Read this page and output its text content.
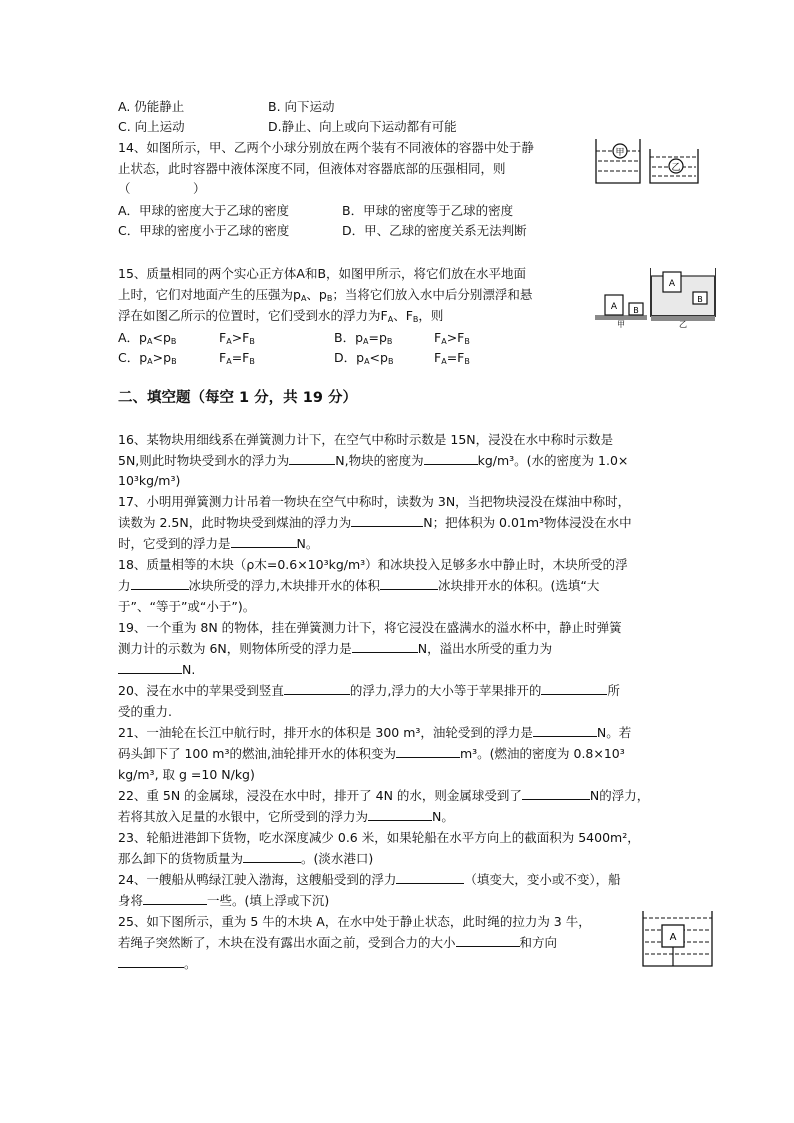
A. 仍能静止	B. 向下运动
C. 向上运动	D.静止、向上或向下运动都有可能
14、如图所示，甲、乙两个小球分别放在两个装有不同液体的容器中处于静
止状态，此时容器中液体深度不同，但液体对容器底部的压强相同，则
（　　　　　）
A．甲球的密度大于乙球的密度	B．甲球的密度等于乙球的密度
C．甲球的密度小于乙球的密度	D．甲、乙球的密度关系无法判断
甲
乙
15、质量相同的两个实心正方体A和B，如图甲所示，将它们放在水平地面
上时，它们对地面产生的压强为$p_A$、$p_B$；当将它们放入水中后分别漂浮和悬
浮在如图乙所示的位置时，它们受到水的浮力为$F_A$、$F_B$，则
A．$p_A<p_B$	$F_A>F_B$	B．$p_A=p_B$	$F_A>F_B$
C．$p_A>p_B$	$F_A=F_B$	D．$p_A<p_B$	$F_A=F_B$
A B
甲
A
B
乙
二、填空题（每空 1 分，共 19 分）
16、某物块用细线系在弹簧测力计下，在空气中称时示数是 15N，浸没在水中称时示数是
5N,则此时物块受到水的浮力为	N,物块的密度为	kg/m³。(水的密度为 1.0×
10³kg/m³)
17、小明用弹簧测力计吊着一物块在空气中称时，读数为 3N，当把物块浸没在煤油中称时，
读数为 2.5N，此时物块受到煤油的浮力为	N；把体积为 0.01m³物体浸没在水中
时，它受到的浮力是	N。
18、质量相等的木块（ρ木=0.6×10³kg/m³）和冰块投入足够多水中静止时，木块所受的浮
力	冰块所受的浮力,木块排开水的体积	冰块排开水的体积。(选填“大
于”、“等于”或“小于”)。
19、一个重为 8N 的物体，挂在弹簧测力计下，将它浸没在盛满水的溢水杯中，静止时弹簧
测力计的示数为 6N，则物体所受的浮力是	N，溢出水所受的重力为
N.
20、浸在水中的苹果受到竖直	的浮力,浮力的大小等于苹果排开的	所
受的重力.
21、一油轮在长江中航行时，排开水的体积是 300 m³，油轮受到的浮力是	N。若
码头卸下了 100 m³的燃油,油轮排开水的体积变为	m³。(燃油的密度为 0.8×10³
kg/m³, 取 g =10 N/kg)
22、重 5N 的金属球，浸没在水中时，排开了 4N 的水，则金属球受到了	N的浮力，
若将其放入足量的水银中，它所受到的浮力为	N。
23、轮船进港卸下货物，吃水深度减少 0.6 米，如果轮船在水平方向上的截面积为 5400m²，
那么卸下的货物质量为	。(淡水港口)
24、一艘船从鸭绿江驶入渤海，这艘船受到的浮力	（填变大，变小或不变），船
身将	一些。(填上浮或下沉)
25、如下图所示，重为 5 牛的木块 A，在水中处于静止状态，此时绳的拉力为 3 牛，
若绳子突然断了，木块在没有露出水面之前，受到合力的大小	和方向
。
A
